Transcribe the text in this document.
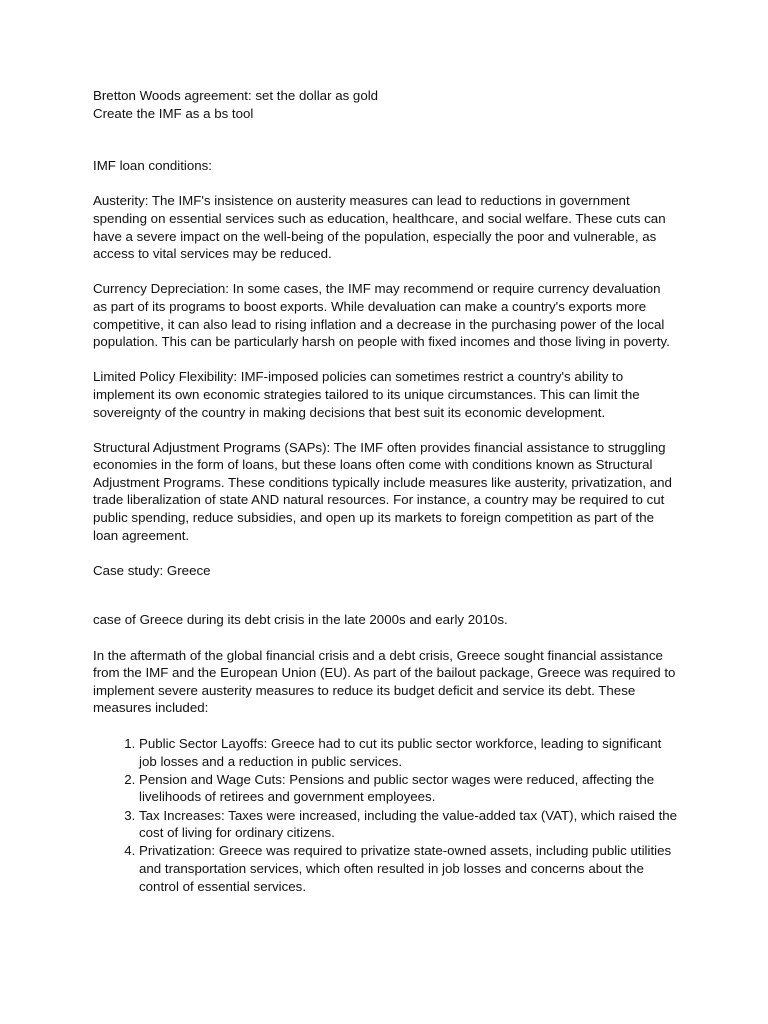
Bretton Woods agreement: set the dollar as gold

Create the IMF as a bs tool

IMF loan conditions:

Austerity: The IMF's insistence on austerity measures can lead to reductions in government spending on essential services such as education, healthcare, and social welfare. These cuts can have a severe impact on the well-being of the population, especially the poor and vulnerable, as access to vital services may be reduced.

Currency Depreciation: In some cases, the IMF may recommend or require currency devaluation as part of its programs to boost exports. While devaluation can make a country's exports more competitive, it can also lead to rising inflation and a decrease in the purchasing power of the local population. This can be particularly harsh on people with fixed incomes and those living in poverty.

Limited Policy Flexibility: IMF-imposed policies can sometimes restrict a country's ability to implement its own economic strategies tailored to its unique circumstances. This can limit the sovereignty of the country in making decisions that best suit its economic development.

Structural Adjustment Programs (SAPs): The IMF often provides financial assistance to struggling economies in the form of loans, but these loans often come with conditions known as Structural Adjustment Programs. These conditions typically include measures like austerity, privatization, and trade liberalization of state AND natural resources. For instance, a country may be required to cut public spending, reduce subsidies, and open up its markets to foreign competition as part of the loan agreement.

Case study: Greece

case of Greece during its debt crisis in the late 2000s and early 2010s.

In the aftermath of the global financial crisis and a debt crisis, Greece sought financial assistance from the IMF and the European Union (EU). As part of the bailout package, Greece was required to implement severe austerity measures to reduce its budget deficit and service its debt. These measures included:

1. Public Sector Layoffs: Greece had to cut its public sector workforce, leading to significant job losses and a reduction in public services.
2. Pension and Wage Cuts: Pensions and public sector wages were reduced, affecting the livelihoods of retirees and government employees.
3. Tax Increases: Taxes were increased, including the value-added tax (VAT), which raised the cost of living for ordinary citizens.
4. Privatization: Greece was required to privatize state-owned assets, including public utilities and transportation services, which often resulted in job losses and concerns about the control of essential services.
